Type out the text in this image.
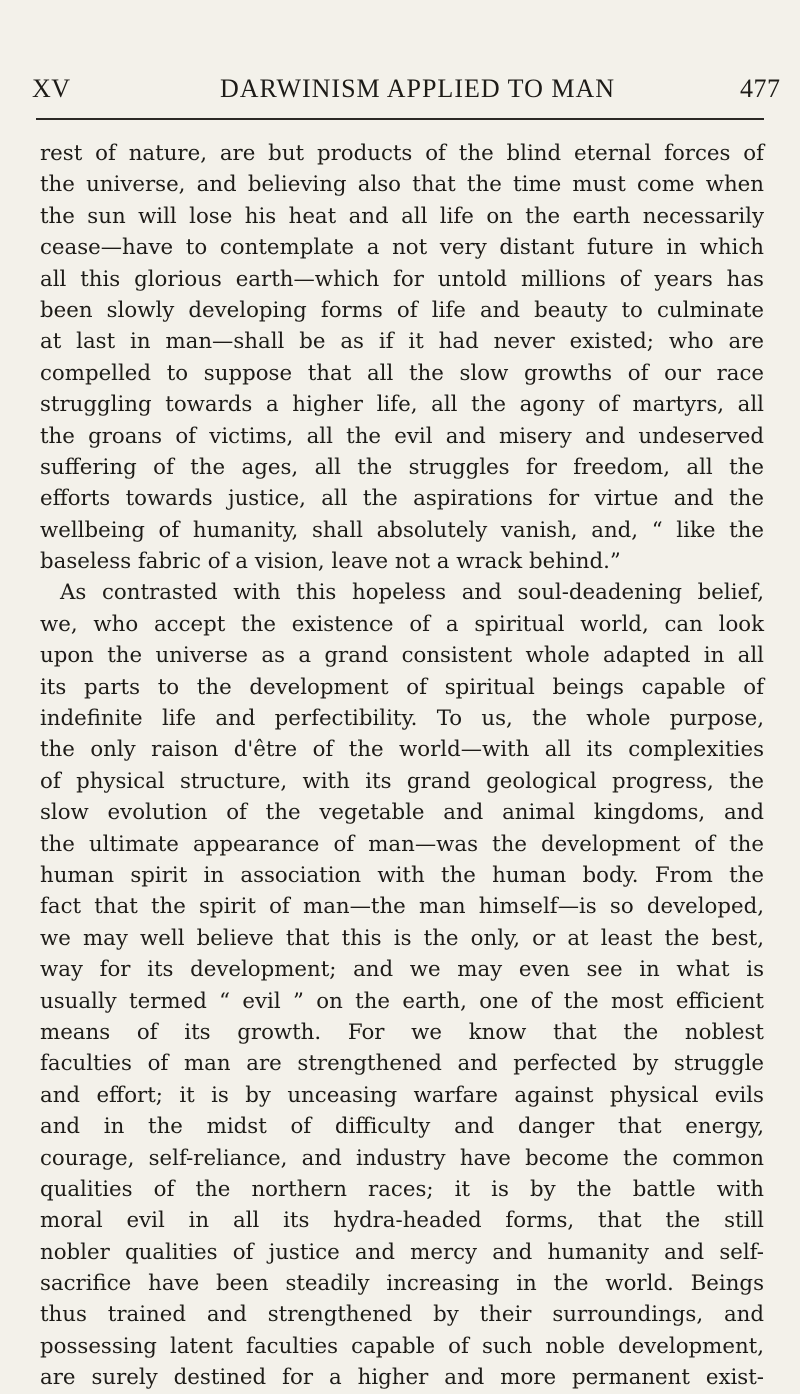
XV	DARWINISM APPLIED TO MAN	477
rest of nature, are but products of the blind eternal forces of
the universe, and believing also that the time must come when
the sun will lose his heat and all life on the earth necessarily
cease—have to contemplate a not very distant future in which
all this glorious earth—which for untold millions of years has
been slowly developing forms of life and beauty to culminate
at last in man—shall be as if it had never existed; who are
compelled to suppose that all the slow growths of our race
struggling towards a higher life, all the agony of martyrs, all
the groans of victims, all the evil and misery and undeserved
suffering of the ages, all the struggles for freedom, all the
efforts towards justice, all the aspirations for virtue and the
wellbeing of humanity, shall absolutely vanish, and, “ like the
baseless fabric of a vision, leave not a wrack behind.”
As contrasted with this hopeless and soul-deadening belief,
we, who accept the existence of a spiritual world, can look
upon the universe as a grand consistent whole adapted in all
its parts to the development of spiritual beings capable of
indefinite life and perfectibility. To us, the whole purpose,
the only raison d'être of the world—with all its complexities
of physical structure, with its grand geological progress, the
slow evolution of the vegetable and animal kingdoms, and
the ultimate appearance of man—was the development of the
human spirit in association with the human body. From the
fact that the spirit of man—the man himself—is so developed,
we may well believe that this is the only, or at least the best,
way for its development; and we may even see in what is
usually termed “ evil ” on the earth, one of the most efficient
means of its growth. For we know that the noblest
faculties of man are strengthened and perfected by struggle
and effort; it is by unceasing warfare against physical evils
and in the midst of difficulty and danger that energy,
courage, self-reliance, and industry have become the common
qualities of the northern races; it is by the battle with
moral evil in all its hydra-headed forms, that the still
nobler qualities of justice and mercy and humanity and self-
sacrifice have been steadily increasing in the world. Beings
thus trained and strengthened by their surroundings, and
possessing latent faculties capable of such noble development,
are surely destined for a higher and more permanent exist-
